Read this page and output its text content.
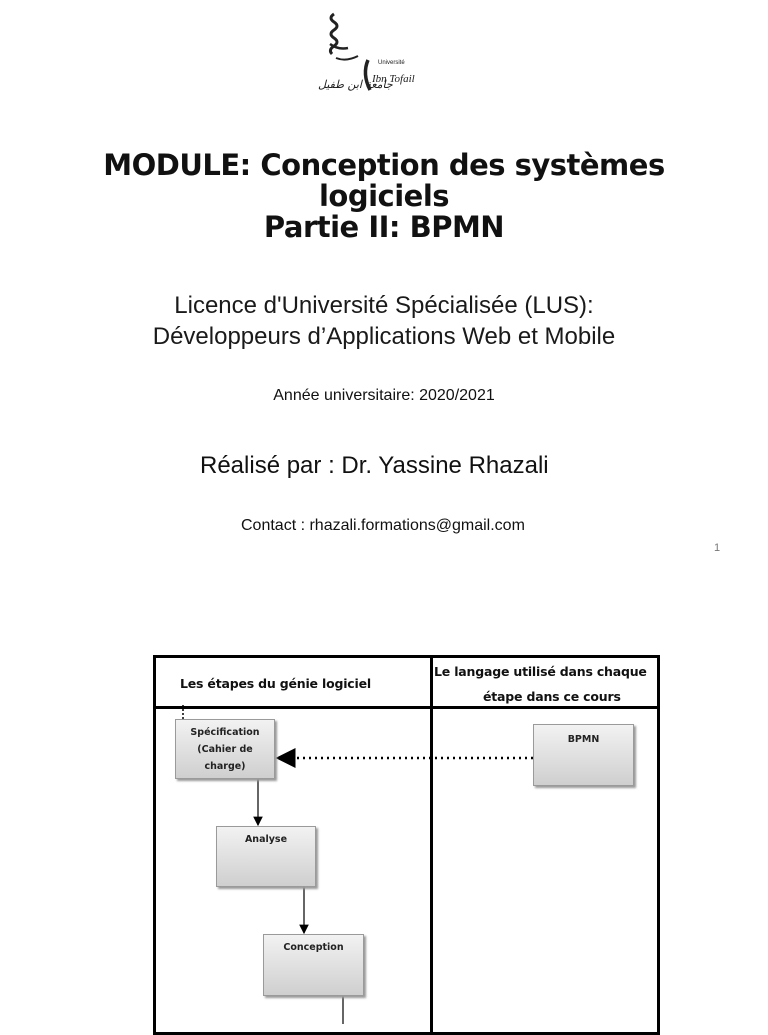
جامعة ابن طفيل
Université
Ibn Tofail
MODULE: Conception des systèmes
logiciels
Partie II: BPMN
Licence d'Université Spécialisée (LUS):
Développeurs d’Applications Web et Mobile
Année universitaire: 2020/2021
Réalisé par : Dr. Yassine Rhazali
Contact : rhazali.formations@gmail.com
1
Les étapes du génie logiciel
Le langage utilisé dans chaque
étape dans ce cours
Spécification
(Cahier de
charge)
Analyse
Conception
BPMN
